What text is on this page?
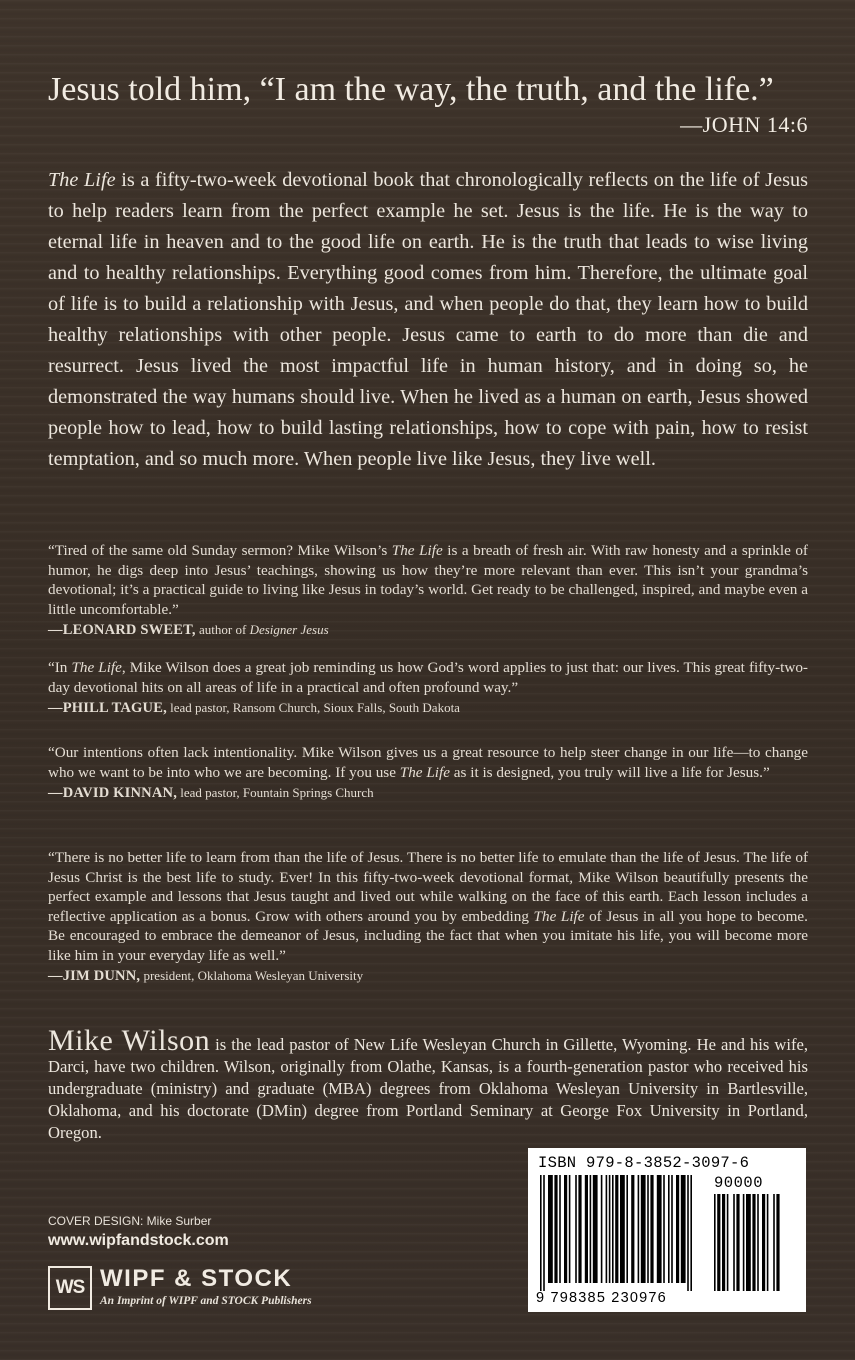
Jesus told him, “I am the way, the truth, and the life.”
—JOHN 14:6
The Life is a fifty-two-week devotional book that chronologically reflects on the life of Jesus to help readers learn from the perfect example he set. Jesus is the life. He is the way to eternal life in heaven and to the good life on earth. He is the truth that leads to wise living and to healthy relationships. Everything good comes from him. Therefore, the ultimate goal of life is to build a relationship with Jesus, and when people do that, they learn how to build healthy relationships with other people. Jesus came to earth to do more than die and resurrect. Jesus lived the most impactful life in human history, and in doing so, he demonstrated the way humans should live. When he lived as a human on earth, Jesus showed people how to lead, how to build lasting relationships, how to cope with pain, how to resist temptation, and so much more. When people live like Jesus, they live well.
“Tired of the same old Sunday sermon? Mike Wilson’s The Life is a breath of fresh air. With raw honesty and a sprinkle of humor, he digs deep into Jesus’ teachings, showing us how they’re more relevant than ever. This isn’t your grandma’s devotional; it’s a practical guide to living like Jesus in today’s world. Get ready to be challenged, inspired, and maybe even a little uncomfortable.”
—LEONARD SWEET, author of Designer Jesus
“In The Life, Mike Wilson does a great job reminding us how God’s word applies to just that: our lives. This great fifty-two-day devotional hits on all areas of life in a practical and often profound way.”
—PHILL TAGUE, lead pastor, Ransom Church, Sioux Falls, South Dakota
“Our intentions often lack intentionality. Mike Wilson gives us a great resource to help steer change in our life—to change who we want to be into who we are becoming. If you use The Life as it is designed, you truly will live a life for Jesus.”
—DAVID KINNAN, lead pastor, Fountain Springs Church
“There is no better life to learn from than the life of Jesus. There is no better life to emulate than the life of Jesus. The life of Jesus Christ is the best life to study. Ever! In this fifty-two-week devotional format, Mike Wilson beautifully presents the perfect example and lessons that Jesus taught and lived out while walking on the face of this earth. Each lesson includes a reflective application as a bonus. Grow with others around you by embedding The Life of Jesus in all you hope to become. Be encouraged to embrace the demeanor of Jesus, including the fact that when you imitate his life, you will become more like him in your everyday life as well.”
—JIM DUNN, president, Oklahoma Wesleyan University
Mike Wilson is the lead pastor of New Life Wesleyan Church in Gillette, Wyoming. He and his wife, Darci, have two children. Wilson, originally from Olathe, Kansas, is a fourth-generation pastor who received his undergraduate (ministry) and graduate (MBA) degrees from Oklahoma Wesleyan University in Bartlesville, Oklahoma, and his doctorate (DMin) degree from Portland Seminary at George Fox University in Portland, Oregon.
COVER DESIGN: Mike Surber
www.wipfandstock.com
WS WIPF & STOCK
An Imprint of WIPF and STOCK Publishers
ISBN 979-8-3852-3097-6
90000
9 798385 230976
